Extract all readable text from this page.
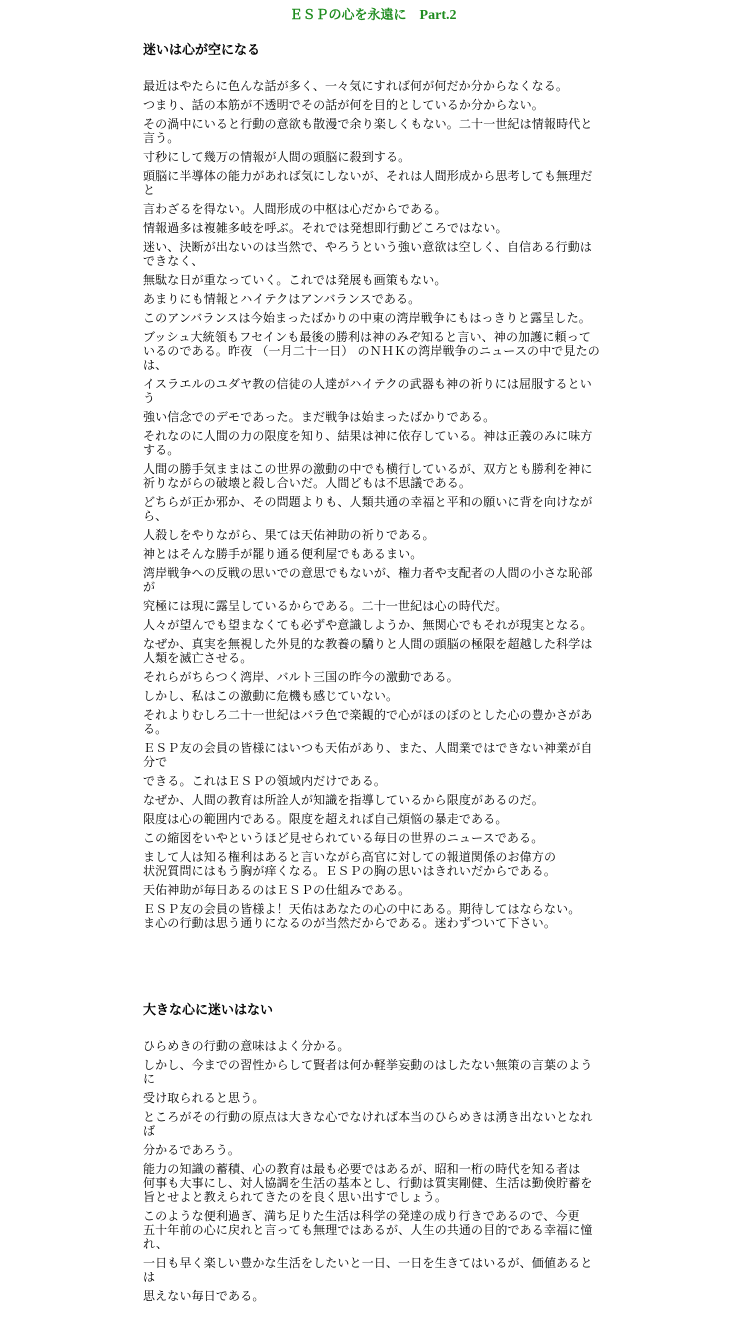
ＥＳＰの心を永遠に　 Part.2
迷いは心が空になる

最近はやたらに色んな話が多く、一々気にすれば何が何だか分からなくなる。

つまり、話の本筋が不透明でその話が何を目的としているか分からない。

その渦中にいると行動の意欲も散漫で余り楽しくもない。二十一世紀は情報時代と
言う。

寸秒にして幾万の情報が人間の頭脳に殺到する。

頭脳に半導体の能力があれば気にしないが、それは人間形成から思考しても無理だ
と

言わざるを得ない。人間形成の中枢は心だからである。

情報過多は複雑多岐を呼ぶ。それでは発想即行動どころではない。

迷い、決断が出ないのは当然で、やろうという強い意欲は空しく、自信ある行動は
できなく、

無駄な日が重なっていく。これでは発展も画策もない。

あまりにも情報とハイテクはアンバランスである。

このアンバランスは今始まったばかりの中東の湾岸戦争にもはっきりと露呈した。

ブッシュ大統領もフセインも最後の勝利は神のみぞ知ると言い、神の加護に頼って
いるのである。昨夜 （一月二十一日） のＮＨＫの湾岸戦争のニュースの中で見たの
は、

イスラエルのユダヤ教の信徒の人達がハイテクの武器も神の祈りには屈服するとい
う

強い信念でのデモであった。まだ戦争は始まったばかりである。

それなのに人間の力の限度を知り、結果は神に依存している。神は正義のみに味方
する。

人間の勝手気ままはこの世界の激動の中でも横行しているが、双方とも勝利を神に
祈りながらの破壊と殺し合いだ。人間どもは不思議である。

どちらが正か邪か、その問題よりも、人類共通の幸福と平和の願いに背を向けなが
ら、

人殺しをやりながら、果ては天佑神助の祈りである。

神とはそんな勝手が罷り通る便利屋でもあるまい。

湾岸戦争への反戦の思いでの意思でもないが、権力者や支配者の人間の小さな恥部
が

究極には現に露呈しているからである。二十一世紀は心の時代だ。

人々が望んでも望まなくても必ずや意識しようか、無関心でもそれが現実となる。

なぜか、真実を無視した外見的な教養の驕りと人間の頭脳の極限を超越した科学は
人類を滅亡させる。

それらがちらつく湾岸、バルト三国の昨今の激動である。

しかし、私はこの激動に危機も感じていない。

それよりむしろ二十一世紀はバラ色で楽観的で心がほのぼのとした心の豊かさがあ
る。

ＥＳＰ友の会員の皆様にはいつも天佑があり、また、人間業ではできない神業が自
分で

できる。これはＥＳＰの領域内だけである。

なぜか、人間の教育は所詮人が知識を指導しているから限度があるのだ。

限度は心の範囲内である。限度を超えれば自己煩悩の暴走である。

この縮図をいやというほど見せられている毎日の世界のニュースである。

まして人は知る権利はあると言いながら高官に対しての報道関係のお偉方の
状況質問にはもう胸が痒くなる。ＥＳＰの胸の思いはきれいだからである。

天佑神助が毎日あるのはＥＳＰの仕組みである。

ＥＳＰ友の会員の皆様よ！天佑はあなたの心の中にある。期待してはならない。
ま心の行動は思う通りになるのが当然だからである。迷わずついて下さい。

大きな心に迷いはない

ひらめきの行動の意味はよく分かる。

しかし、今までの習性からして賢者は何か軽挙妄動のはしたない無策の言葉のよう
に

受け取られると思う。

ところがその行動の原点は大きな心でなければ本当のひらめきは湧き出ないとなれ
ば

分かるであろう。

能力の知識の蓄積、心の教育は最も必要ではあるが、昭和一桁の時代を知る者は
何事も大事にし、対人協調を生活の基本とし、行動は質実剛健、生活は勤倹貯蓄を
旨とせよと教えられてきたのを良く思い出すでしょう。

このような便利過ぎ、満ち足りた生活は科学の発達の成り行きであるので、今更
五十年前の心に戻れと言っても無理ではあるが、人生の共通の目的である幸福に憧
れ、

一日も早く楽しい豊かな生活をしたいと一日、一日を生きてはいるが、価値あると
は

思えない毎日である。
